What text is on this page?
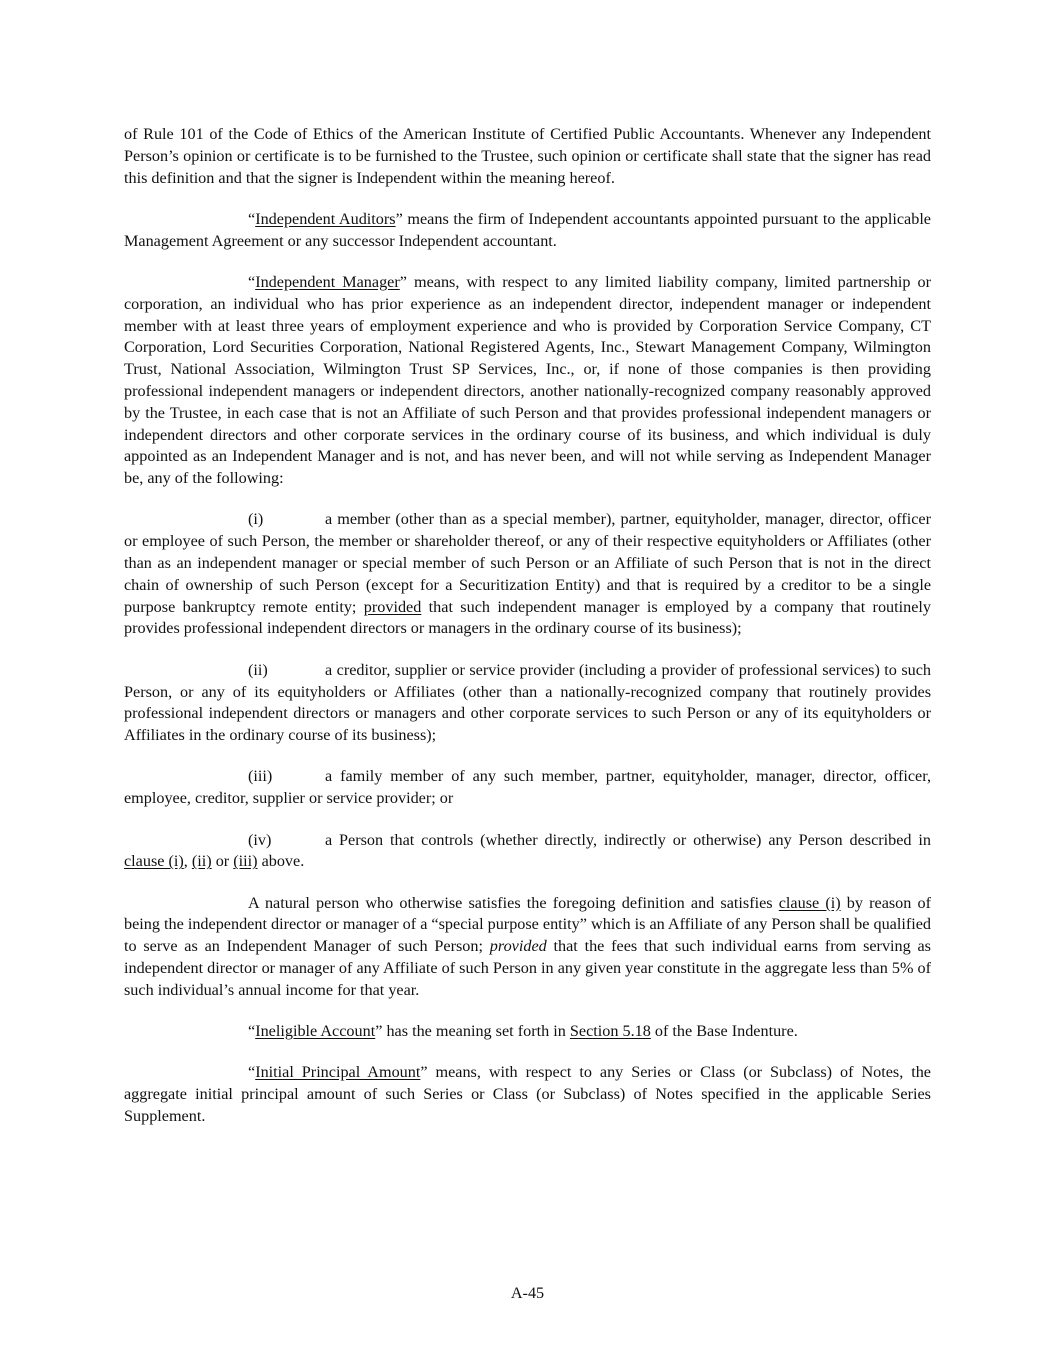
of Rule 101 of the Code of Ethics of the American Institute of Certified Public Accountants. Whenever any Independent Person’s opinion or certificate is to be furnished to the Trustee, such opinion or certificate shall state that the signer has read this definition and that the signer is Independent within the meaning hereof.

“Independent Auditors” means the firm of Independent accountants appointed pursuant to the applicable Management Agreement or any successor Independent accountant.

“Independent Manager” means, with respect to any limited liability company, limited partnership or corporation, an individual who has prior experience as an independent director, independent manager or independent member with at least three years of employment experience and who is provided by Corporation Service Company, CT Corporation, Lord Securities Corporation, National Registered Agents, Inc., Stewart Management Company, Wilmington Trust, National Association, Wilmington Trust SP Services, Inc., or, if none of those companies is then providing professional independent managers or independent directors, another nationally-recognized company reasonably approved by the Trustee, in each case that is not an Affiliate of such Person and that provides professional independent managers or independent directors and other corporate services in the ordinary course of its business, and which individual is duly appointed as an Independent Manager and is not, and has never been, and will not while serving as Independent Manager be, any of the following:

(i)	a member (other than as a special member), partner, equityholder, manager, director, officer or employee of such Person, the member or shareholder thereof, or any of their respective equityholders or Affiliates (other than as an independent manager or special member of such Person or an Affiliate of such Person that is not in the direct chain of ownership of such Person (except for a Securitization Entity) and that is required by a creditor to be a single purpose bankruptcy remote entity; provided that such independent manager is employed by a company that routinely provides professional independent directors or managers in the ordinary course of its business);

(ii)	a creditor, supplier or service provider (including a provider of professional services) to such Person, or any of its equityholders or Affiliates (other than a nationally-recognized company that routinely provides professional independent directors or managers and other corporate services to such Person or any of its equityholders or Affiliates in the ordinary course of its business);

(iii)	a family member of any such member, partner, equityholder, manager, director, officer, employee, creditor, supplier or service provider; or

(iv)	a Person that controls (whether directly, indirectly or otherwise) any Person described in clause (i), (ii) or (iii) above.

A natural person who otherwise satisfies the foregoing definition and satisfies clause (i) by reason of being the independent director or manager of a “special purpose entity” which is an Affiliate of any Person shall be qualified to serve as an Independent Manager of such Person; provided that the fees that such individual earns from serving as independent director or manager of any Affiliate of such Person in any given year constitute in the aggregate less than 5% of such individual’s annual income for that year.

“Ineligible Account” has the meaning set forth in Section 5.18 of the Base Indenture.

“Initial Principal Amount” means, with respect to any Series or Class (or Subclass) of Notes, the aggregate initial principal amount of such Series or Class (or Subclass) of Notes specified in the applicable Series Supplement.

A-45
